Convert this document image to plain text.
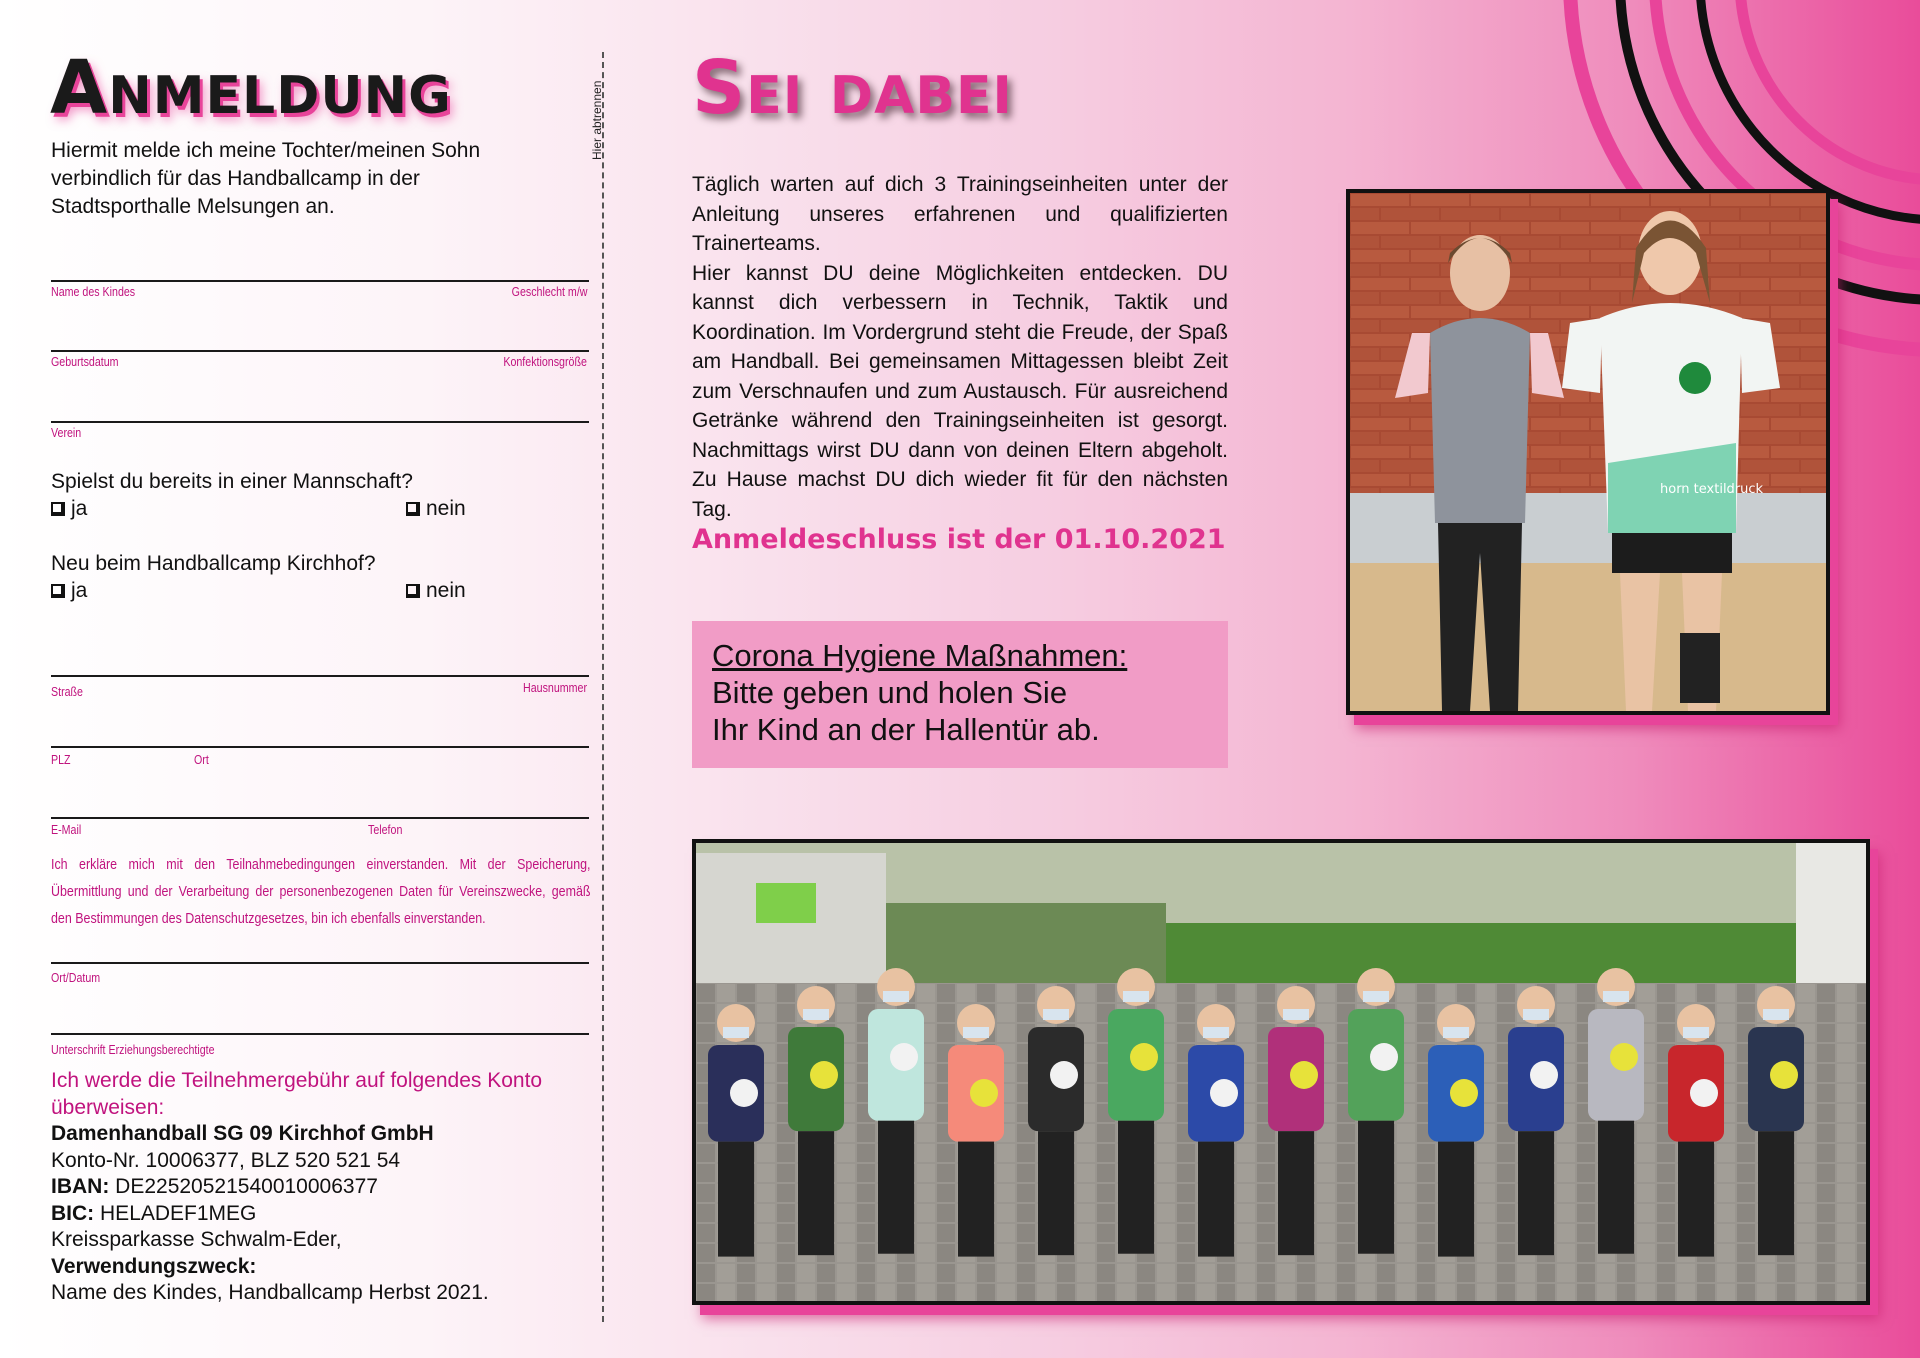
Anmeldung
Hiermit melde ich meine Tochter/meinen Sohn verbindlich für das Handballcamp in der Stadtsporthalle Melsungen an.
Hier abtrennen
Name des Kindes	Geschlecht m/w
Geburtsdatum	Konfektionsgröße
Verein
Spielst du bereits in einer Mannschaft?
ja	nein
Neu beim Handballcamp Kirchhof?
ja	nein
Straße	Hausnummer
PLZ	Ort
E-Mail	Telefon
Ich erkläre mich mit den Teilnahmebedingungen einverstanden. Mit der Speicherung, Übermittlung und der Verarbeitung der personenbezogenen Daten für Vereinszwecke, gemäß den Bestimmungen des Datenschutzgesetzes, bin ich ebenfalls einverstanden.
Ort/Datum
Unterschrift Erziehungsberechtigte
Ich werde die Teilnehmergebühr auf folgendes Konto überweisen:
Damenhandball SG 09 Kirchhof GmbH
Konto-Nr. 10006377, BLZ 520 521 54
IBAN: DE22520521540010006377
BIC: HELADEF1MEG
Kreissparkasse Schwalm-Eder,
Verwendungszweck:
Name des Kindes, Handballcamp Herbst 2021.
Sei dabei

Täglich warten auf dich 3 Trainingseinheiten unter der Anleitung unseres erfahrenen und qualifizierten Trainerteams.

Hier kannst DU deine Möglichkeiten entdecken. DU kannst dich verbessern in Technik, Taktik und Koordination. Im Vordergrund steht die Freude, der Spaß am Handball. Bei gemeinsamen Mittagessen bleibt Zeit zum Verschnaufen und zum Austausch. Für ausreichend Getränke während den Trainingseinheiten ist gesorgt. Nachmittags wirst DU dann von deinen Eltern abgeholt. Zu Hause machst DU dich wieder fit für den nächsten Tag.

Anmeldeschluss ist der 01.10.2021
Corona Hygiene Maßnahmen:
Bitte geben und holen Sie
Ihr Kind an der Hallentür ab.
horn textildruck
